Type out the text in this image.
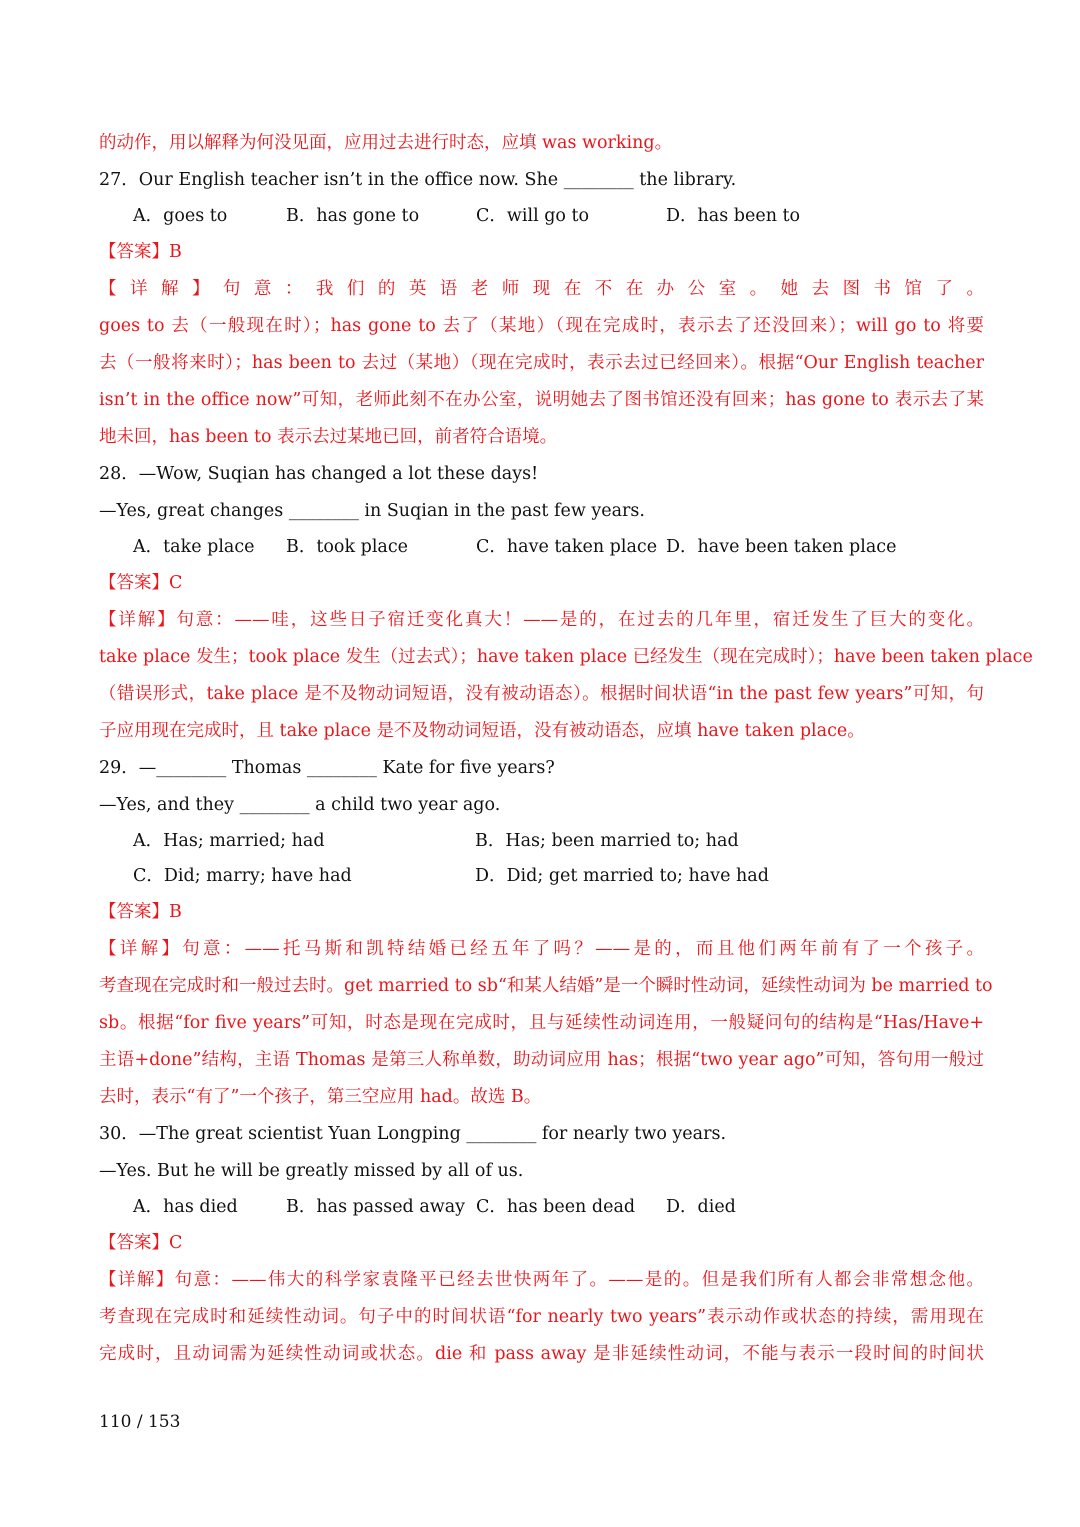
的动作，用以解释为何没见面，应用过去进行时态，应填 was working。
27．Our English teacher isn’t in the office now. She ________ the library.
A．goes to	B．has gone to	C．will go to	D．has been to
【答案】B
【详解】句意：我们的英语老师现在不在办公室。她去图书馆了。
goes to 去（一般现在时）；has gone to 去了（某地）（现在完成时，表示去了还没回来）；will go to 将要
去（一般将来时）；has been to 去过（某地）（现在完成时，表示去过已经回来）。根据“Our English teacher
isn’t in the office now”可知，老师此刻不在办公室，说明她去了图书馆还没有回来；has gone to 表示去了某
地未回，has been to 表示去过某地已回，前者符合语境。
28．—Wow, Suqian has changed a lot these days!
—Yes, great changes ________ in Suqian in the past few years.
A．take place	B．took place	C．have taken place D．have been taken place
【答案】C
【详解】句意：——哇，这些日子宿迁变化真大！——是的，在过去的几年里，宿迁发生了巨大的变化。
take place 发生；took place 发生（过去式）；have taken place 已经发生（现在完成时）；have been taken place
（错误形式，take place 是不及物动词短语，没有被动语态）。根据时间状语“in the past few years”可知，句
子应用现在完成时，且 take place 是不及物动词短语，没有被动语态，应填 have taken place。
29．—________ Thomas ________ Kate for five years?
—Yes, and they ________ a child two year ago.
A．Has; married; had	B．Has; been married to; had
C．Did; marry; have had	D．Did; get married to; have had
【答案】B
【详解】句意：——托马斯和凯特结婚已经五年了吗？——是的，而且他们两年前有了一个孩子。
考查现在完成时和一般过去时。get married to sb“和某人结婚”是一个瞬时性动词，延续性动词为 be married to
sb。根据“for five years”可知，时态是现在完成时，且与延续性动词连用，一般疑问句的结构是“Has/Have+
主语+done”结构，主语 Thomas 是第三人称单数，助动词应用 has；根据“two year ago”可知，答句用一般过
去时，表示“有了”一个孩子，第三空应用 had。故选 B。
30．—The great scientist Yuan Longping ________ for nearly two years.
—Yes. But he will be greatly missed by all of us.
A．has died	B．has passed away C．has been dead	D．died
【答案】C
【详解】句意：——伟大的科学家袁隆平已经去世快两年了。——是的。但是我们所有人都会非常想念他。
考查现在完成时和延续性动词。句子中的时间状语“for nearly two years”表示动作或状态的持续，需用现在
完成时，且动词需为延续性动词或状态。die 和 pass away 是非延续性动词，不能与表示一段时间的时间状
110 / 153
